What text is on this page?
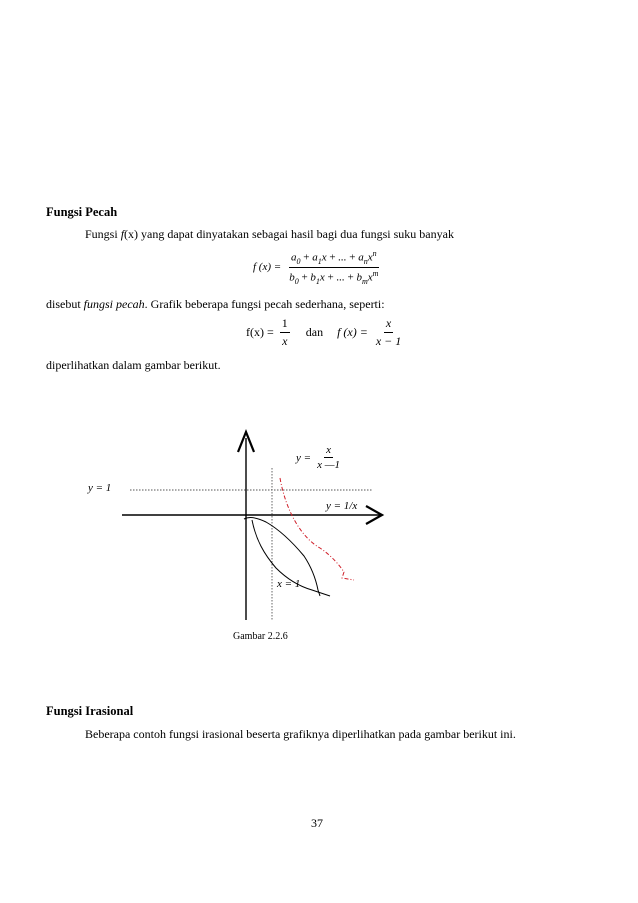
Fungsi Pecah
Fungsi f(x) yang dapat dinyatakan sebagai hasil bagi dua fungsi suku banyak
f $(x) = \frac{a_0 + a_1x + ... + a_nx^n}{b_0 + b_1x + ... + b_mx^m}$
disebut fungsi pecah. Grafik beberapa fungsi pecah sederhana, seperti:
$f(x) = \frac{1}{x}$ dan f $(x) = \frac{x}{x - 1}$
diperlihatkan dalam gambar berikut.
y = 1
$y = \frac{x}{x —1}$
y = 1/x
x = 1
Gambar 2.2.6
Fungsi Irasional
Beberapa contoh fungsi irasional beserta grafiknya diperlihatkan pada gambar berikut ini.
37
